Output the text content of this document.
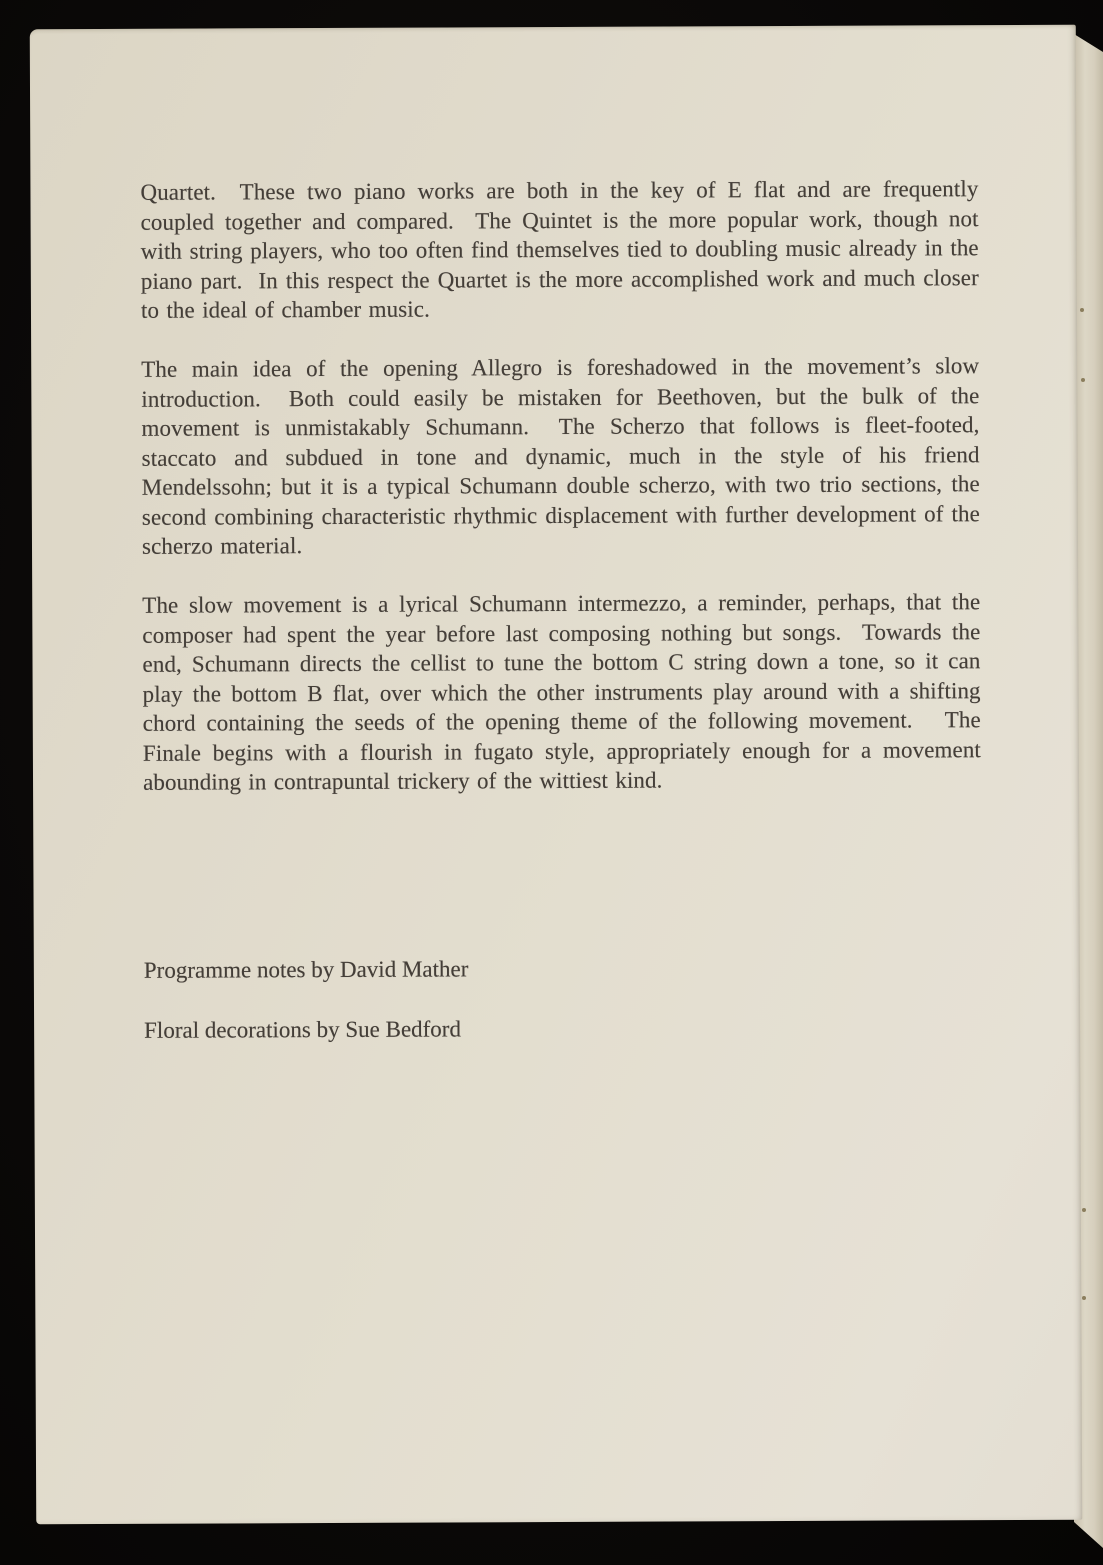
Quartet.  These two piano works are both in the key of E flat and are frequently coupled together and compared.  The Quintet is the more popular work, though not with string players, who too often find themselves tied to doubling music already in the piano part.  In this respect the Quartet is the more accomplished work and much closer to the ideal of chamber music.

The main idea of the opening Allegro is foreshadowed in the movement’s slow introduction.  Both could easily be mistaken for Beethoven, but the bulk of the movement is unmistakably Schumann.  The Scherzo that follows is fleet-footed, staccato and subdued in tone and dynamic, much in the style of his friend Mendelssohn; but it is a typical Schumann double scherzo, with two trio sections, the second combining characteristic rhythmic displacement with further development of the scherzo material.

The slow movement is a lyrical Schumann intermezzo, a reminder, perhaps, that the composer had spent the year before last composing nothing but songs.  Towards the end, Schumann directs the cellist to tune the bottom C string down a tone, so it can play the bottom B flat, over which the other instruments play around with a shifting chord containing the seeds of the opening theme of the following movement.   The Finale begins with a flourish in fugato style, appropriately enough for a movement abounding in contrapuntal trickery of the wittiest kind.

Programme notes by David Mather

Floral decorations by Sue Bedford
